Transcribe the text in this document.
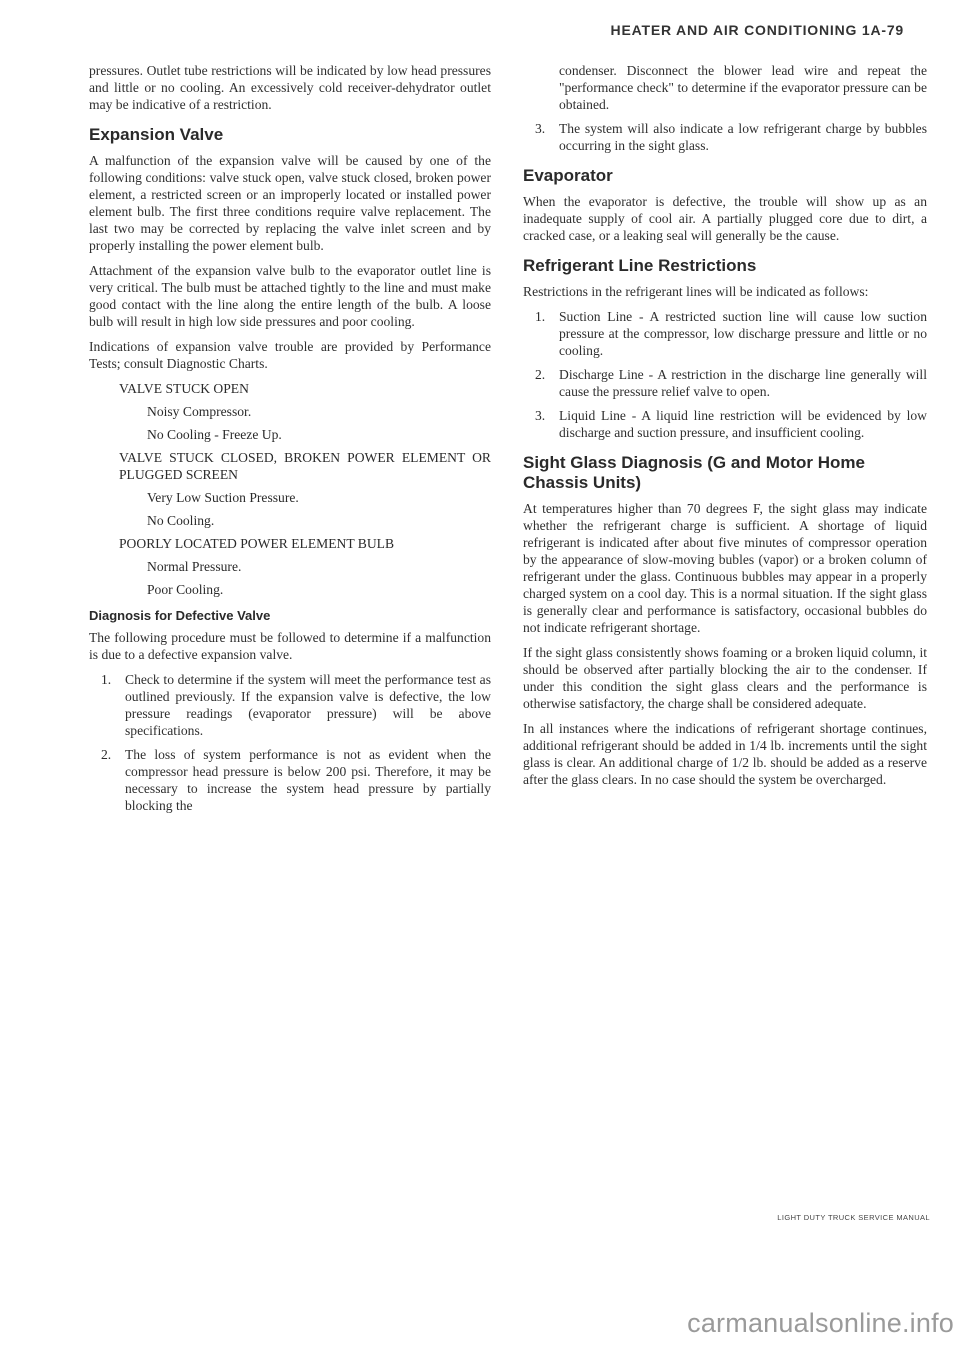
HEATER AND AIR CONDITIONING 1A-79

pressures. Outlet tube restrictions will be indicated by low head pressures and little or no cooling. An excessively cold receiver-dehydrator outlet may be indicative of a restriction.

Expansion Valve

A malfunction of the expansion valve will be caused by one of the following conditions: valve stuck open, valve stuck closed, broken power element, a restricted screen or an improperly located or installed power element bulb. The first three conditions require valve replacement. The last two may be corrected by replacing the valve inlet screen and by properly installing the power element bulb.

Attachment of the expansion valve bulb to the evaporator outlet line is very critical. The bulb must be attached tightly to the line and must make good contact with the line along the entire length of the bulb. A loose bulb will result in high low side pressures and poor cooling.

Indications of expansion valve trouble are provided by Performance Tests; consult Diagnostic Charts.

VALVE STUCK OPEN
Noisy Compressor.
No Cooling - Freeze Up.
VALVE STUCK CLOSED, BROKEN POWER ELEMENT OR PLUGGED SCREEN
Very Low Suction Pressure.
No Cooling.
POORLY LOCATED POWER ELEMENT BULB
Normal Pressure.
Poor Cooling.
Diagnosis for Defective Valve

The following procedure must be followed to determine if a malfunction is due to a defective expansion valve.

1. Check to determine if the system will meet the performance test as outlined previously. If the expansion valve is defective, the low pressure readings (evaporator pressure) will be above specifications.

2. The loss of system performance is not as evident when the compressor head pressure is below 200 psi. Therefore, it may be necessary to increase the system head pressure by partially blocking the

condenser. Disconnect the blower lead wire and repeat the "performance check" to determine if the evaporator pressure can be obtained.

3. The system will also indicate a low refrigerant charge by bubbles occurring in the sight glass.

Evaporator

When the evaporator is defective, the trouble will show up as an inadequate supply of cool air. A partially plugged core due to dirt, a cracked case, or a leaking seal will generally be the cause.

Refrigerant Line Restrictions

Restrictions in the refrigerant lines will be indicated as follows:

1. Suction Line - A restricted suction line will cause low suction pressure at the compressor, low discharge pressure and little or no cooling.

2. Discharge Line - A restriction in the discharge line generally will cause the pressure relief valve to open.

3. Liquid Line - A liquid line restriction will be evidenced by low discharge and suction pressure, and insufficient cooling.

Sight Glass Diagnosis (G and Motor Home Chassis Units)

At temperatures higher than 70 degrees F, the sight glass may indicate whether the refrigerant charge is sufficient. A shortage of liquid refrigerant is indicated after about five minutes of compressor operation by the appearance of slow-moving bubles (vapor) or a broken column of refrigerant under the glass. Continuous bubbles may appear in a properly charged system on a cool day. This is a normal situation. If the sight glass is generally clear and performance is satisfactory, occasional bubbles do not indicate refrigerant shortage.

If the sight glass consistently shows foaming or a broken liquid column, it should be observed after partially blocking the air to the condenser. If under this condition the sight glass clears and the performance is otherwise satisfactory, the charge shall be considered adequate.

In all instances where the indications of refrigerant shortage continues, additional refrigerant should be added in 1/4 lb. increments until the sight glass is clear. An additional charge of 1/2 lb. should be added as a reserve after the glass clears. In no case should the system be overcharged.

LIGHT DUTY TRUCK SERVICE MANUAL
carmanualsonline.info
